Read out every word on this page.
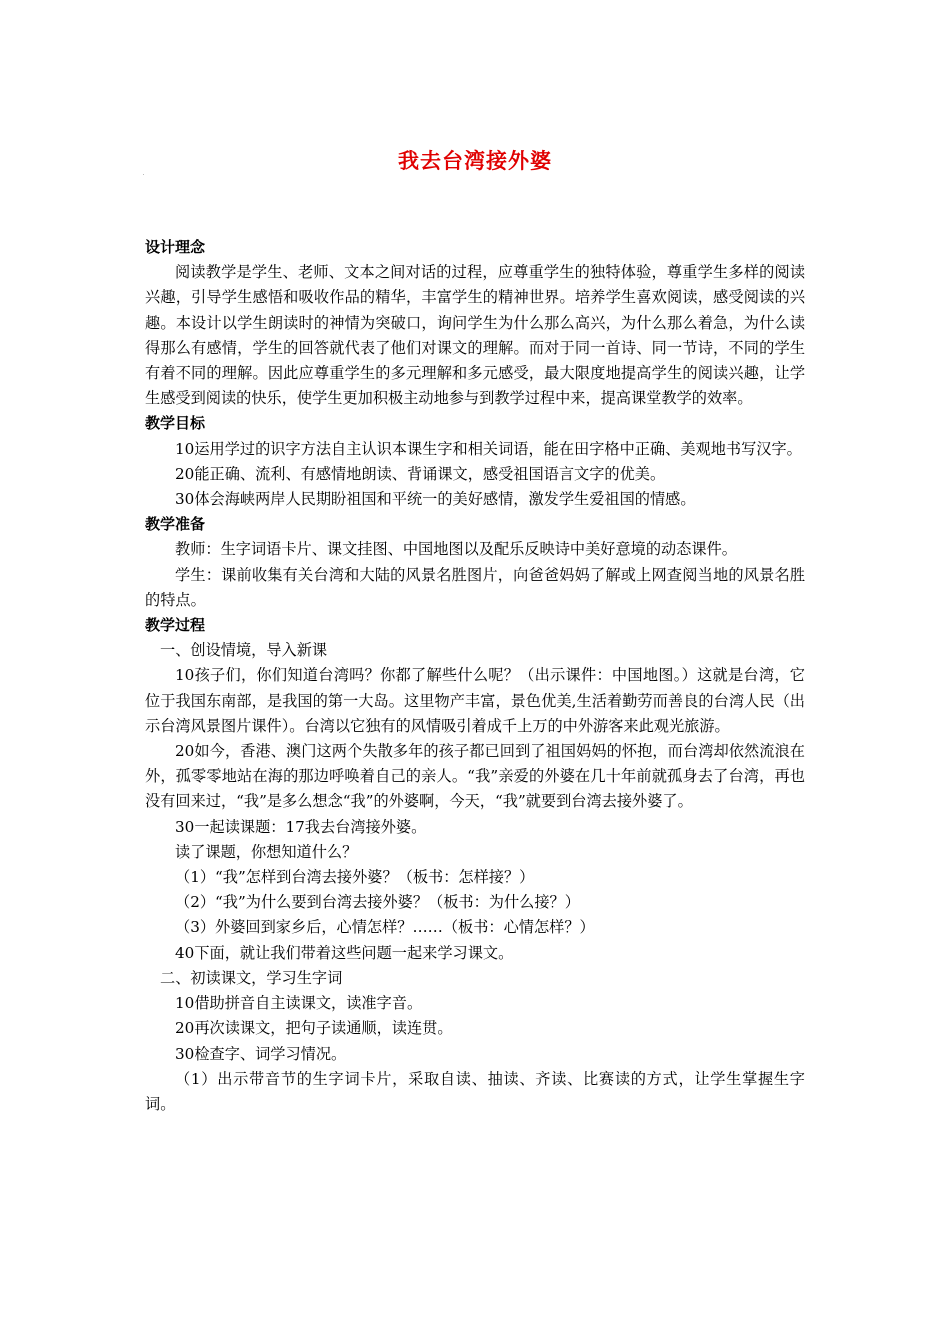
我去台湾接外婆
设计理念
阅读教学是学生、老师、文本之间对话的过程，应尊重学生的独特体验，尊重学生多样的阅读兴趣，引导学生感悟和吸收作品的精华，丰富学生的精神世界。培养学生喜欢阅读，感受阅读的兴趣。本设计以学生朗读时的神情为突破口，询问学生为什么那么高兴，为什么那么着急，为什么读得那么有感情，学生的回答就代表了他们对课文的理解。而对于同一首诗、同一节诗，不同的学生有着不同的理解。因此应尊重学生的多元理解和多元感受，最大限度地提高学生的阅读兴趣，让学生感受到阅读的快乐，使学生更加积极主动地参与到教学过程中来，提高课堂教学的效率。
教学目标
10运用学过的识字方法自主认识本课生字和相关词语，能在田字格中正确、美观地书写汉字。
20能正确、流利、有感情地朗读、背诵课文，感受祖国语言文字的优美。
30体会海峡两岸人民期盼祖国和平统一的美好感情，激发学生爱祖国的情感。
教学准备
教师：生字词语卡片、课文挂图、中国地图以及配乐反映诗中美好意境的动态课件。
学生：课前收集有关台湾和大陆的风景名胜图片，向爸爸妈妈了解或上网查阅当地的风景名胜的特点。
教学过程
一、创设情境，导入新课
10孩子们，你们知道台湾吗？你都了解些什么呢？（出示课件：中国地图。）这就是台湾，它位于我国东南部，是我国的第一大岛。这里物产丰富，景色优美,生活着勤劳而善良的台湾人民（出示台湾风景图片课件）。台湾以它独有的风情吸引着成千上万的中外游客来此观光旅游。
20如今，香港、澳门这两个失散多年的孩子都已回到了祖国妈妈的怀抱，而台湾却依然流浪在外，孤零零地站在海的那边呼唤着自己的亲人。“我”亲爱的外婆在几十年前就孤身去了台湾，再也没有回来过，“我”是多么想念“我”的外婆啊，今天，“我”就要到台湾去接外婆了。
30一起读课题：17我去台湾接外婆。
读了课题，你想知道什么？
（1）“我”怎样到台湾去接外婆？（板书：怎样接？）
（2）“我”为什么要到台湾去接外婆？（板书：为什么接？）
（3）外婆回到家乡后，心情怎样？……（板书：心情怎样？）
40下面，就让我们带着这些问题一起来学习课文。
二、初读课文，学习生字词
10借助拼音自主读课文，读准字音。
20再次读课文，把句子读通顺，读连贯。
30检查字、词学习情况。
（1）出示带音节的生字词卡片，采取自读、抽读、齐读、比赛读的方式，让学生掌握生字词。
